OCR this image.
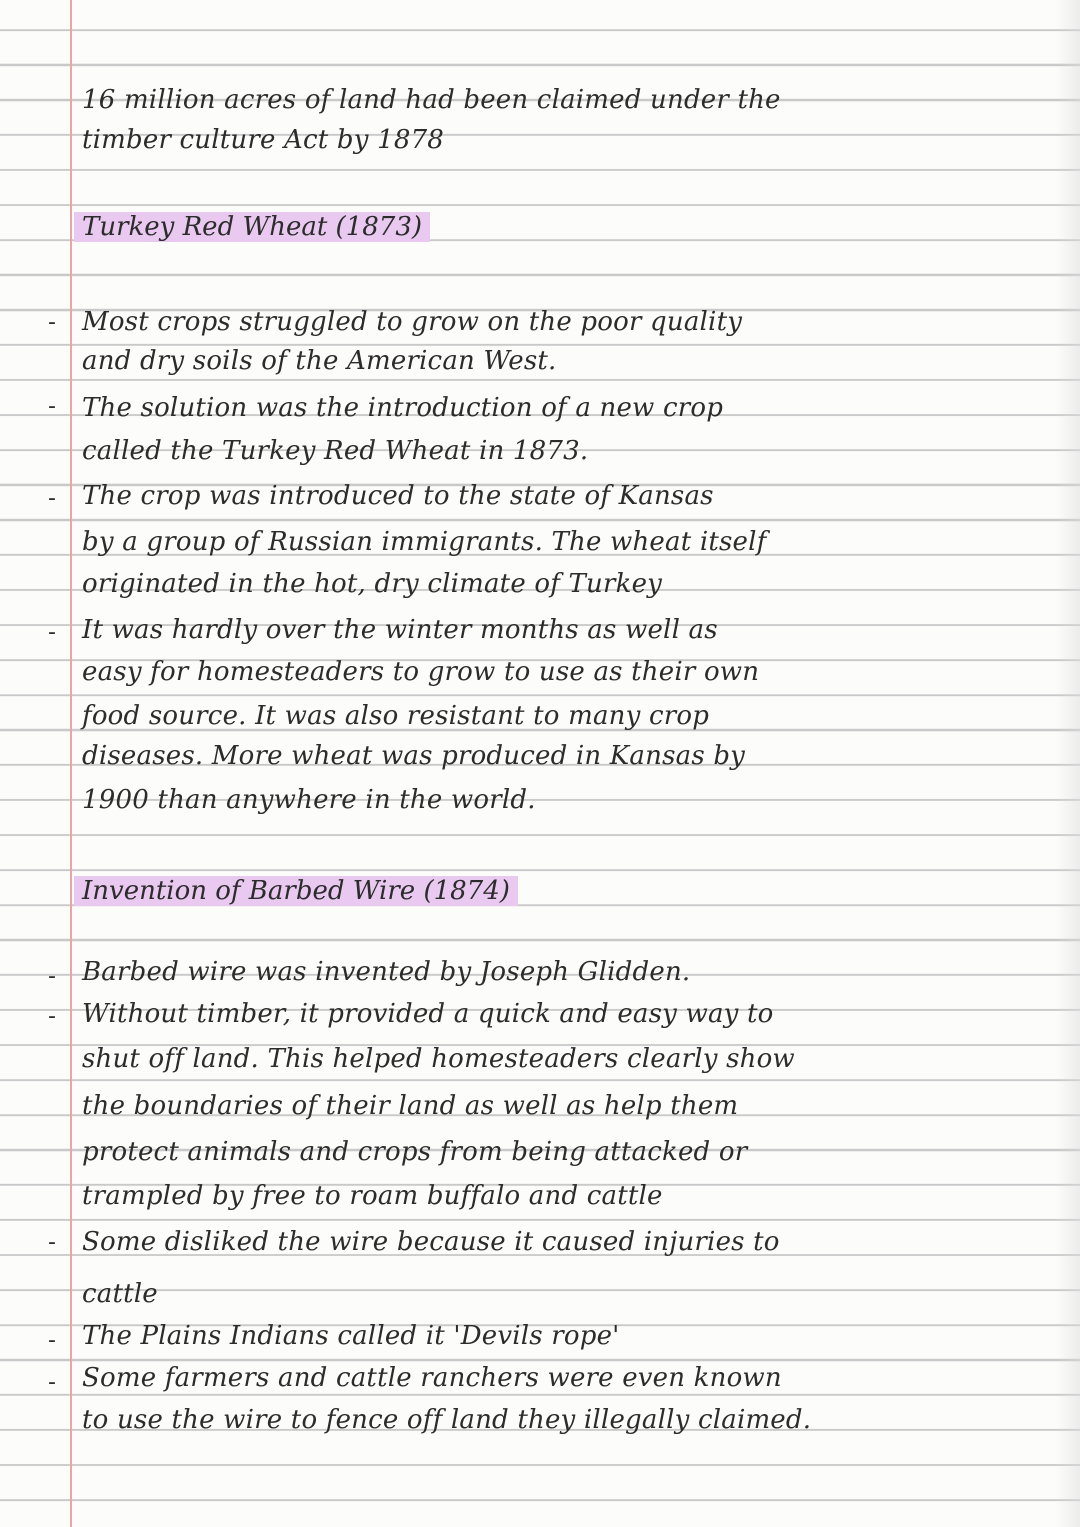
16 million acres of land had been claimed under the
timber culture Act by 1878
Turkey Red Wheat (1873)
- Most crops struggled to grow on the poor quality
and dry soils of the American West.
- The solution was the introduction of a new crop
called the Turkey Red Wheat in 1873.
- The crop was introduced to the state of Kansas
by a group of Russian immigrants. The wheat itself
originated in the hot, dry climate of Turkey
- It was hardly over the winter months as well as
easy for homesteaders to grow to use as their own
food source. It was also resistant to many crop
diseases. More wheat was produced in Kansas by
1900 than anywhere in the world.
Invention of Barbed Wire (1874)
- Barbed wire was invented by Joseph Glidden.
- Without timber, it provided a quick and easy way to
shut off land. This helped homesteaders clearly show
the boundaries of their land as well as help them
protect animals and crops from being attacked or
trampled by free to roam buffalo and cattle
- Some disliked the wire because it caused injuries to
cattle
- The Plains Indians called it 'Devils rope'
- Some farmers and cattle ranchers were even known
to use the wire to fence off land they illegally claimed.
